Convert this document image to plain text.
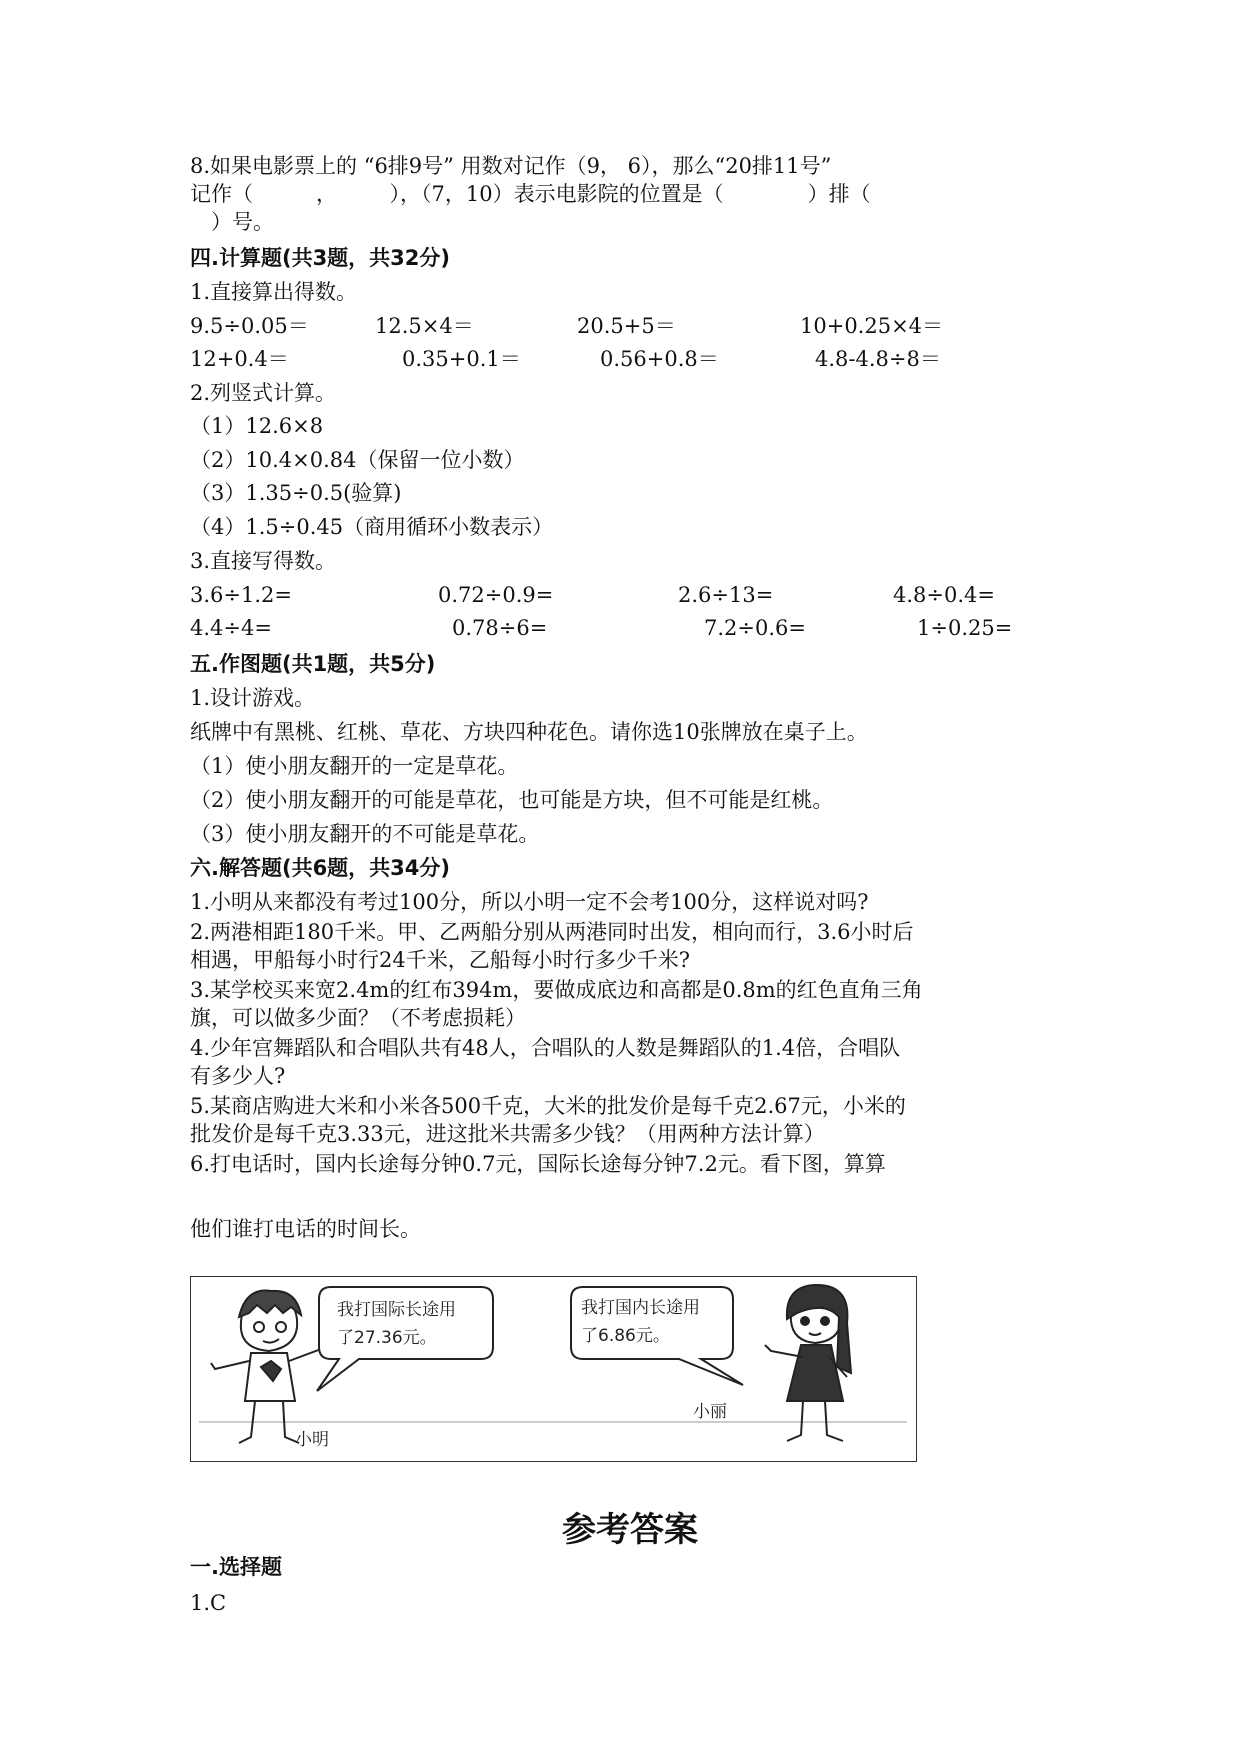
8.如果电影票上的 “6排9号” 用数对记作（9， 6），那么“20排11号”
记作（　　　，　　　），（7，10）表示电影院的位置是（　　　　）排（
　）号。
四.计算题(共3题，共32分)
1.直接算出得数。
9.5÷0.05＝	12.5×4＝	20.5+5＝	10+0.25×4＝
12+0.4＝	0.35+0.1＝	0.56+0.8＝	4.8-4.8÷8＝
2.列竖式计算。
（1）12.6×8
（2）10.4×0.84（保留一位小数）
（3）1.35÷0.5(验算)
（4）1.5÷0.45（商用循环小数表示）
3.直接写得数。
3.6÷1.2=	0.72÷0.9=	2.6÷13=	4.8÷0.4=
4.4÷4=	0.78÷6=	7.2÷0.6=	1÷0.25=
五.作图题(共1题，共5分)
1.设计游戏。
纸牌中有黑桃、红桃、草花、方块四种花色。请你选10张牌放在桌子上。
（1）使小朋友翻开的一定是草花。
（2）使小朋友翻开的可能是草花，也可能是方块，但不可能是红桃。
（3）使小朋友翻开的不可能是草花。
六.解答题(共6题，共34分)
1.小明从来都没有考过100分，所以小明一定不会考100分，这样说对吗?
2.两港相距180千米。甲、乙两船分别从两港同时出发，相向而行，3.6小时后
相遇，甲船每小时行24千米，乙船每小时行多少千米?
3.某学校买来宽2.4m的红布394m，要做成底边和高都是0.8m的红色直角三角
旗，可以做多少面？（不考虑损耗）
4.少年宫舞蹈队和合唱队共有48人，合唱队的人数是舞蹈队的1.4倍，合唱队
有多少人?
5.某商店购进大米和小米各500千克，大米的批发价是每千克2.67元，小米的
批发价是每千克3.33元，进这批米共需多少钱？（用两种方法计算）
6.打电话时，国内长途每分钟0.7元，国际长途每分钟7.2元。看下图，算算
他们谁打电话的时间长。
参考答案
一.选择题
1.C
小明
我打国际长途用
了27.36元。
我打国内长途用
了6.86元。
小丽
